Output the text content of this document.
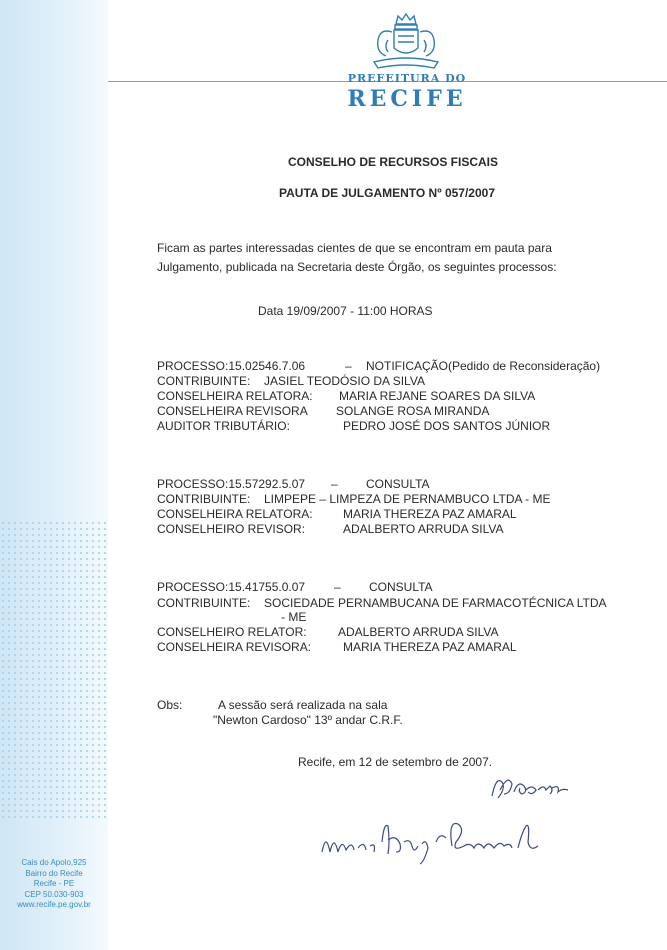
Cais do Apolo,925
Bairro do Recife
Recife - PE
CEP 50.030-903
www.recife.pe.gov.br
PREFEITURA DO
RECIFE
CONSELHO DE RECURSOS FISCAIS
PAUTA DE JULGAMENTO Nº 057/2007
Ficam as partes interessadas cientes de que se encontram em pauta para
Julgamento, publicada na Secretaria deste Órgão, os seguintes processos:
Data 19/09/2007 - 11:00 HORAS
PROCESSO:15.02546.7.06	– NOTIFICAÇÃO(Pedido de Reconsideração)
CONTRIBUINTE: JASIEL TEODÓSIO DA SILVA
CONSELHEIRA RELATORA: MARIA REJANE SOARES DA SILVA
CONSELHEIRA REVISORA SOLANGE ROSA MIRANDA
AUDITOR TRIBUTÁRIO:	PEDRO JOSÉ DOS SANTOS JÚNIOR
PROCESSO:15.57292.5.07 – CONSULTA
CONTRIBUINTE: LIMPEPE – LIMPEZA DE PERNAMBUCO LTDA - ME
CONSELHEIRA RELATORA:	MARIA THEREZA PAZ AMARAL
CONSELHEIRO REVISOR:	ADALBERTO ARRUDA SILVA
PROCESSO:15.41755.0.07 – CONSULTA
CONTRIBUINTE: SOCIEDADE PERNAMBUCANA DE FARMACOTÉCNICA LTDA
- ME
CONSELHEIRO RELATOR:	ADALBERTO ARRUDA SILVA
CONSELHEIRA REVISORA:	MARIA THEREZA PAZ AMARAL
Obs:	A sessão será realizada na sala
"Newton Cardoso" 13º andar C.R.F.
Recife, em 12 de setembro de 2007.
